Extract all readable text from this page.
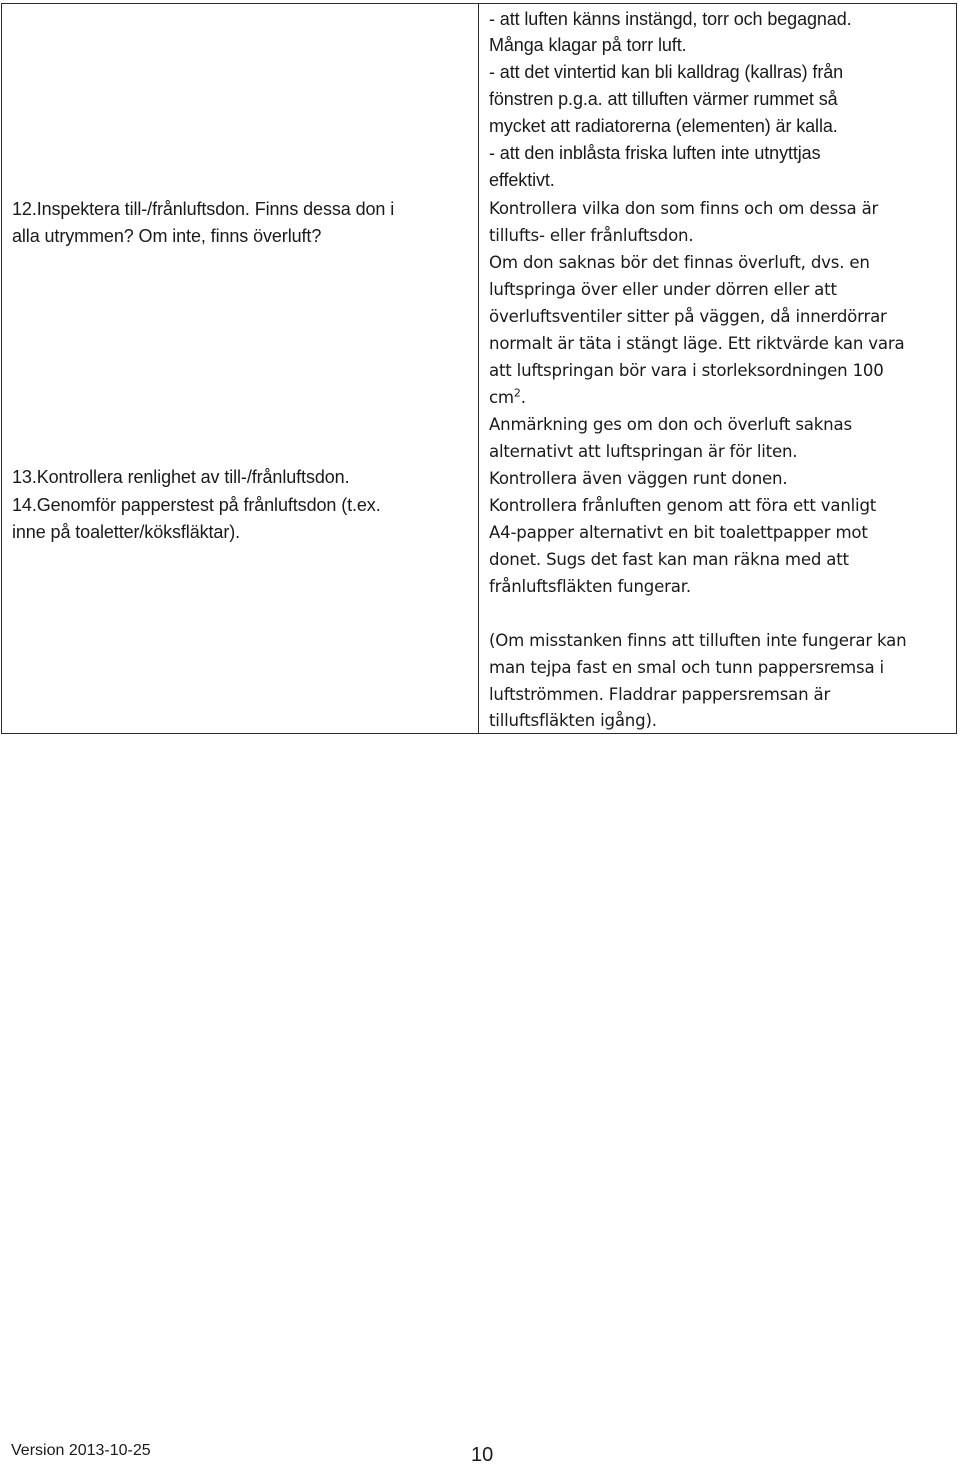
12.Inspektera till-/frånluftsdon. Finns dessa don i
alla utrymmen? Om inte, finns överluft?
13.Kontrollera renlighet av till-/frånluftsdon.
14.Genomför papperstest på frånluftsdon (t.ex.
inne på toaletter/köksfläktar).
- att luften känns instängd, torr och begagnad.
Många klagar på torr luft.
- att det vintertid kan bli kalldrag (kallras) från
fönstren p.g.a. att tilluften värmer rummet så
mycket att radiatorerna (elementen) är kalla.
- att den inblåsta friska luften inte utnyttjas
effektivt.
Kontrollera vilka don som finns och om dessa är
tillufts- eller frånluftsdon.
Om don saknas bör det finnas överluft, dvs. en
luftspringa över eller under dörren eller att
överluftsventiler sitter på väggen, då innerdörrar
normalt är täta i stängt läge. Ett riktvärde kan vara
att luftspringan bör vara i storleksordningen 100
$cm^2$.
Anmärkning ges om don och överluft saknas
alternativt att luftspringan är för liten.
Kontrollera även väggen runt donen.
Kontrollera frånluften genom att föra ett vanligt
A4-papper alternativt en bit toalettpapper mot
donet. Sugs det fast kan man räkna med att
frånluftsfläkten fungerar.
(Om misstanken finns att tilluften inte fungerar kan
man tejpa fast en smal och tunn pappersremsa i
luftströmmen. Fladdrar pappersremsan är
tilluftsfläkten igång).
Version 2013-10-25	10
